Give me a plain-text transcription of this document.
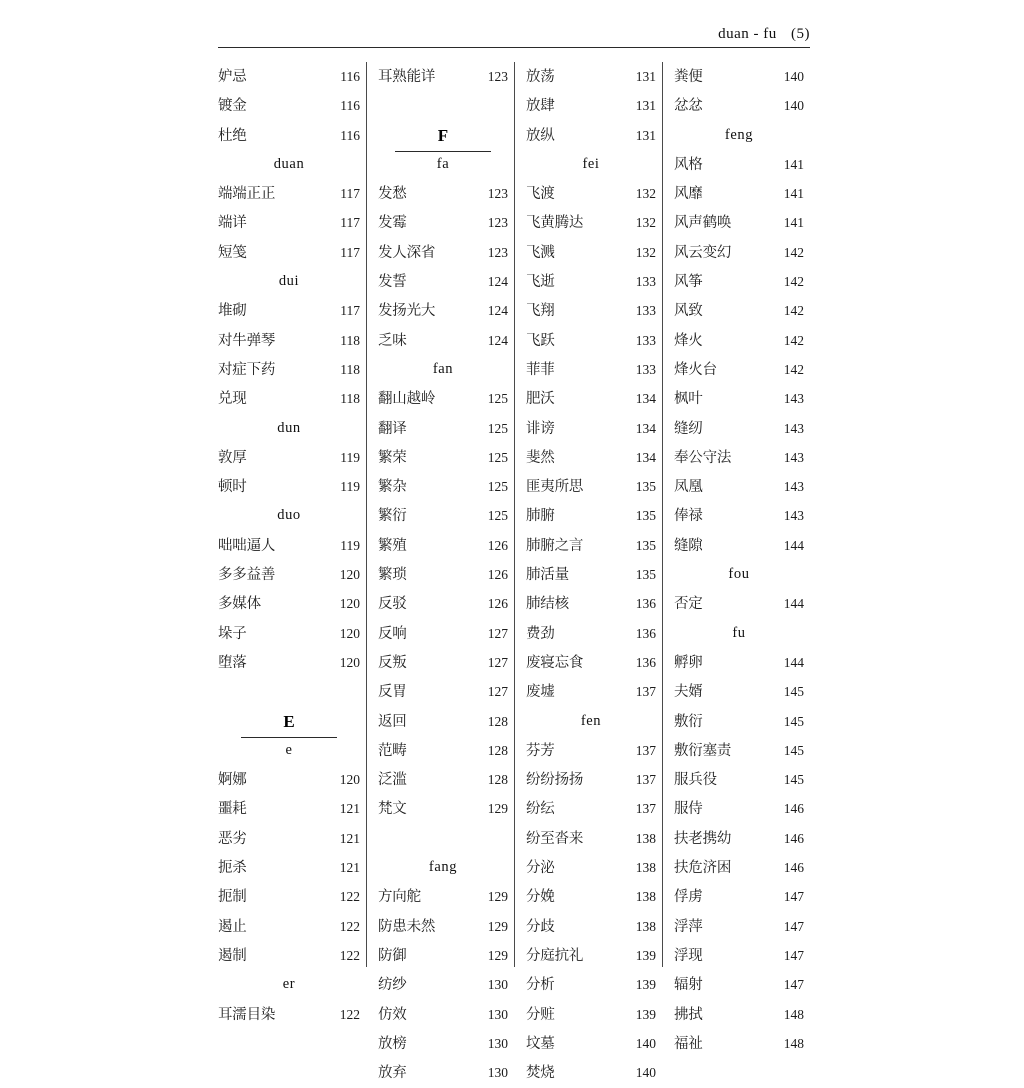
duan - fu (5)
妒忌	116
镀金	116
杜绝	116
duan
端端正正	117
端详	117
短笺	117
dui
堆砌	117
对牛弹琴	118
对症下药	118
兑现	118
dun
敦厚	119
顿时	119
duo
咄咄逼人	119
多多益善	120
多媒体	120
垛子	120
堕落	120
E
e
婀娜	120
噩耗	121
恶劣	121
扼杀	121
扼制	122
遏止	122
遏制	122
er
耳濡目染	122
耳熟能详	123
F
fa
发愁	123
发霉	123
发人深省	123
发誓	124
发扬光大	124
乏味	124
fan
翻山越岭	125
翻译	125
繁荣	125
繁杂	125
繁衍	125
繁殖	126
繁琐	126
反驳	126
反响	127
反叛	127
反胃	127
返回	128
范畴	128
泛滥	128
梵文	129
fang
方向舵	129
防患未然	129
防御	129
纺纱	130
仿效	130
放榜	130
放弃	130
放荡	131
放肆	131
放纵	131
fei
飞渡	132
飞黄腾达	132
飞溅	132
飞逝	133
飞翔	133
飞跃	133
菲菲	133
肥沃	134
诽谤	134
斐然	134
匪夷所思	135
肺腑	135
肺腑之言	135
肺活量	135
肺结核	136
费劲	136
废寝忘食	136
废墟	137
fen
芬芳	137
纷纷扬扬	137
纷纭	137
纷至沓来	138
分泌	138
分娩	138
分歧	138
分庭抗礼	139
分析	139
分赃	139
坟墓	140
焚烧	140
粪便	140
忿忿	140
feng
风格	141
风靡	141
风声鹤唤	141
风云变幻	142
风筝	142
风致	142
烽火	142
烽火台	142
枫叶	143
缝纫	143
奉公守法	143
凤凰	143
俸禄	143
缝隙	144
fou
否定	144
fu
孵卵	144
夫婿	145
敷衍	145
敷衍塞责	145
服兵役	145
服侍	146
扶老携幼	146
扶危济困	146
俘虏	147
浮萍	147
浮现	147
辐射	147
拂拭	148
福祉	148
